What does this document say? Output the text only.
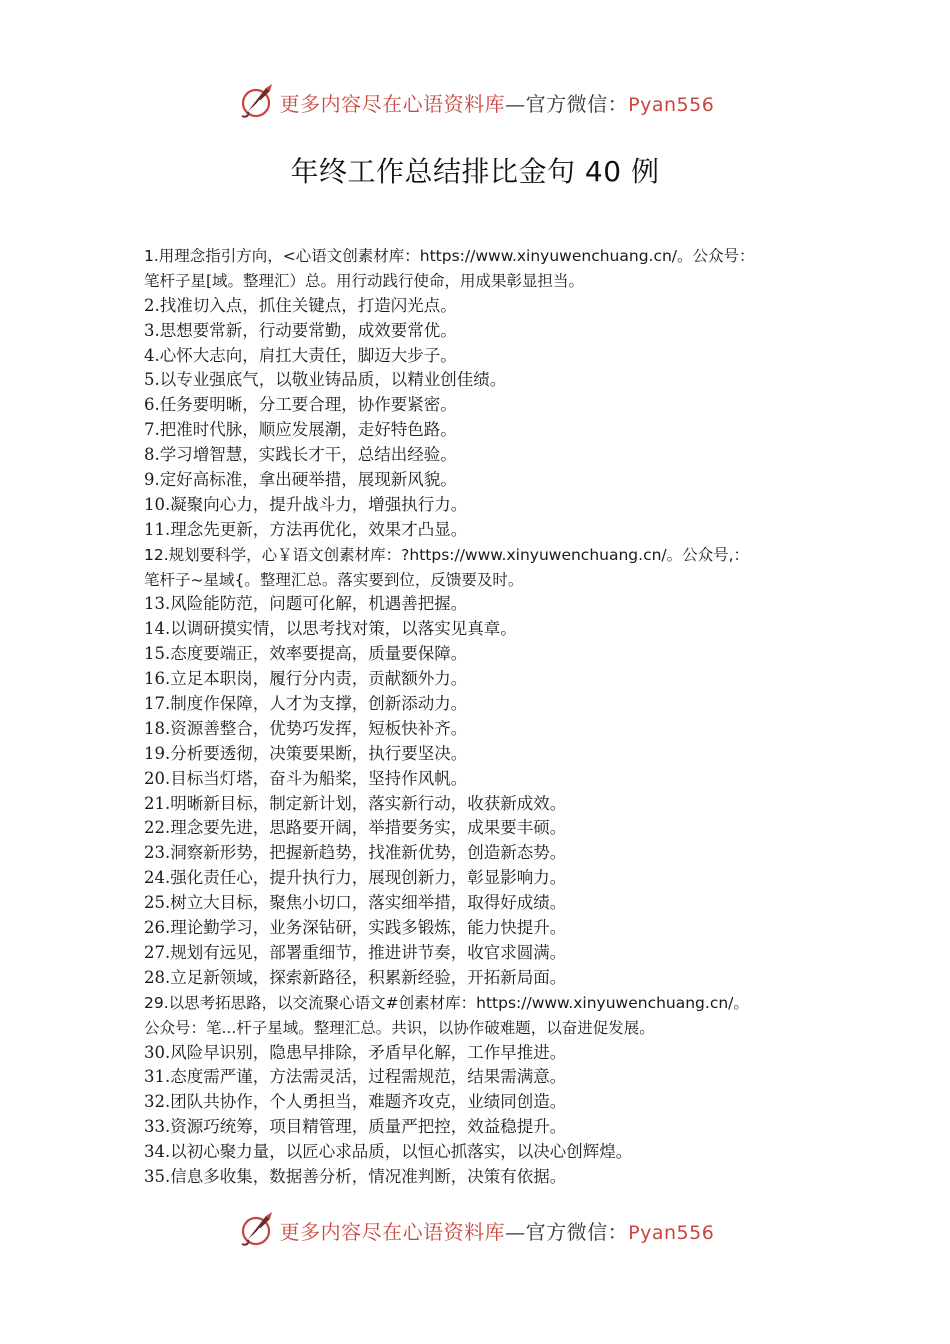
更多内容尽在心语资料库—官方微信：Pyan556
年终工作总结排比金句 40 例
1.用理念指引方向，<心语文创素材库：https://www.xinyuwenchuang.cn/。公众号：
笔杆子星[域。整理汇）总。用行动践行使命，用成果彰显担当。
2.找准切入点，抓住关键点，打造闪光点。
3.思想要常新，行动要常勤，成效要常优。
4.心怀大志向，肩扛大责任，脚迈大步子。
5.以专业强底气，以敬业铸品质，以精业创佳绩。
6.任务要明晰，分工要合理，协作要紧密。
7.把准时代脉，顺应发展潮，走好特色路。
8.学习增智慧，实践长才干，总结出经验。
9.定好高标准，拿出硬举措，展现新风貌。
10.凝聚向心力，提升战斗力，增强执行力。
11.理念先更新，方法再优化，效果才凸显。
12.规划要科学，心￥语文创素材库：?https://www.xinyuwenchuang.cn/。公众号,：
笔杆子~星域{。整理汇总。落实要到位，反馈要及时。
13.风险能防范，问题可化解，机遇善把握。
14.以调研摸实情，以思考找对策，以落实见真章。
15.态度要端正，效率要提高，质量要保障。
16.立足本职岗，履行分内责，贡献额外力。
17.制度作保障，人才为支撑，创新添动力。
18.资源善整合，优势巧发挥，短板快补齐。
19.分析要透彻，决策要果断，执行要坚决。
20.目标当灯塔，奋斗为船桨，坚持作风帆。
21.明晰新目标，制定新计划，落实新行动，收获新成效。
22.理念要先进，思路要开阔，举措要务实，成果要丰硕。
23.洞察新形势，把握新趋势，找准新优势，创造新态势。
24.强化责任心，提升执行力，展现创新力，彰显影响力。
25.树立大目标，聚焦小切口，落实细举措，取得好成绩。
26.理论勤学习，业务深钻研，实践多锻炼，能力快提升。
27.规划有远见，部署重细节，推进讲节奏，收官求圆满。
28.立足新领域，探索新路径，积累新经验，开拓新局面。
29.以思考拓思路，以交流聚心语文#创素材库：https://www.xinyuwenchuang.cn/。
公众号：笔...杆子星域。整理汇总。共识，以协作破难题，以奋进促发展。
30.风险早识别，隐患早排除，矛盾早化解，工作早推进。
31.态度需严谨，方法需灵活，过程需规范，结果需满意。
32.团队共协作，个人勇担当，难题齐攻克，业绩同创造。
33.资源巧统筹，项目精管理，质量严把控，效益稳提升。
34.以初心聚力量，以匠心求品质，以恒心抓落实，以决心创辉煌。
35.信息多收集，数据善分析，情况准判断，决策有依据。
更多内容尽在心语资料库—官方微信：Pyan556
